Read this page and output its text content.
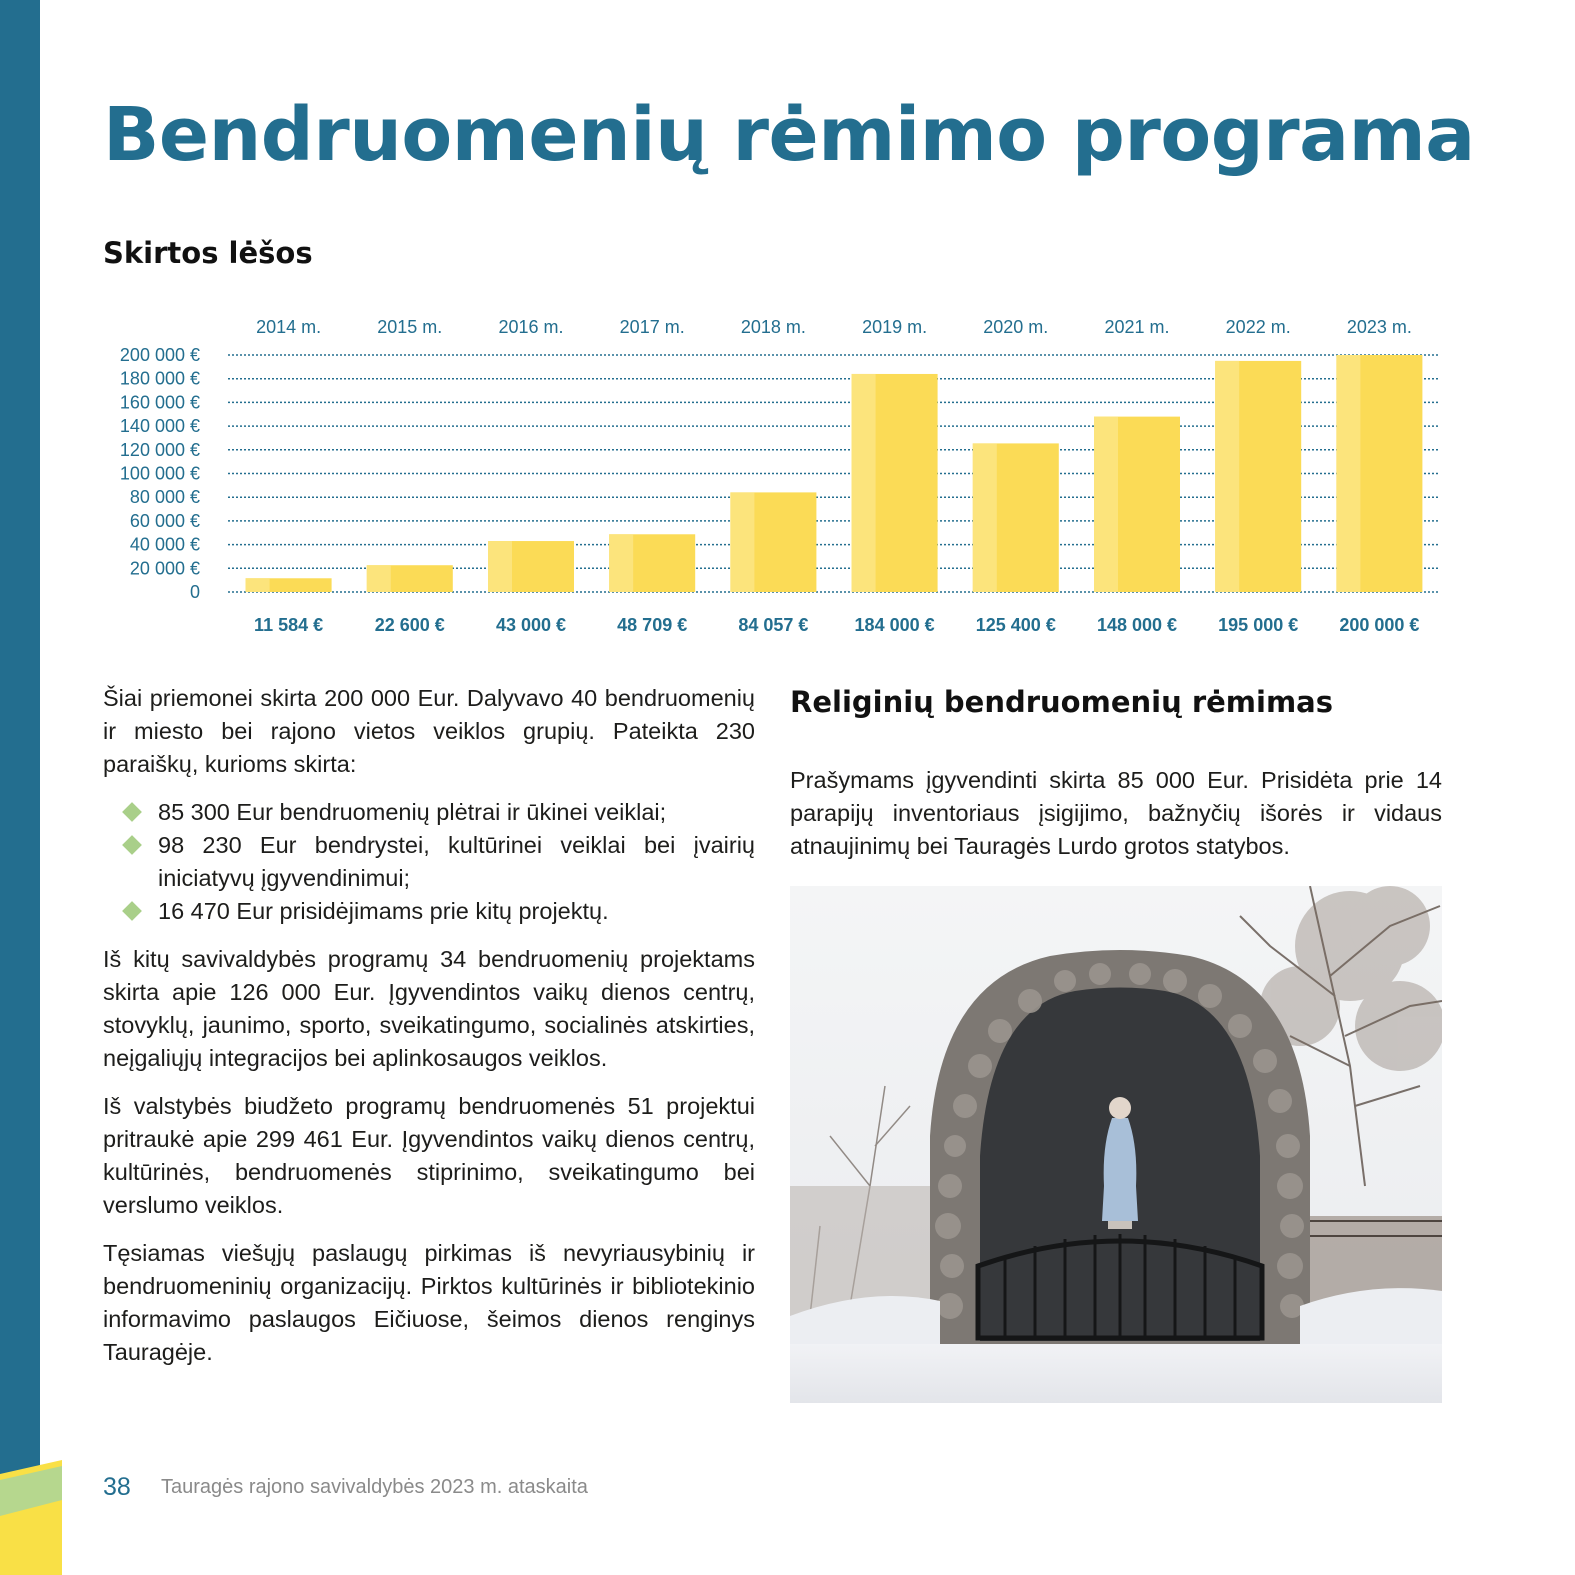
Bendruomenių rėmimo programa
Skirtos lėšos
0
20 000 €
40 000 €
60 000 €
80 000 €
100 000 €
120 000 €
140 000 €
160 000 €
180 000 €
200 000 €
2014 m.
11 584 €
2015 m.
22 600 €
2016 m.
43 000 €
2017 m.
48 709 €
2018 m.
84 057 €
2019 m.
184 000 €
2020 m.
125 400 €
2021 m.
148 000 €
2022 m.
195 000 €
2023 m.
200 000 €

Šiai priemonei skirta 200 000 Eur. Dalyvavo 40 bendruomenių ir miesto bei rajono vietos veiklos grupių. Pateikta 230 paraiškų, kurioms skirta:

85 300 Eur bendruomenių plėtrai ir ūkinei veiklai;
98 230 Eur bendrystei, kultūrinei veiklai bei įvairių iniciatyvų įgyvendinimui;
16 470 Eur prisidėjimams prie kitų projektų.

Iš kitų savivaldybės programų 34 bendruomenių projektams skirta apie 126 000 Eur. Įgyvendintos vaikų dienos centrų, stovyklų, jaunimo, sporto, sveikatingumo, socialinės atskirties, neįgaliųjų integracijos bei aplinkosaugos veiklos.

Iš valstybės biudžeto programų bendruomenės 51 projektui pritraukė apie 299 461 Eur. Įgyvendintos vaikų dienos centrų, kultūrinės, bendruomenės stiprinimo, sveikatingumo bei verslumo veiklos.

Tęsiamas viešųjų paslaugų pirkimas iš nevyriausybinių ir bendruomeninių organizacijų. Pirktos kultūrinės ir bibliotekinio informavimo paslaugos Eičiuose, šeimos dienos renginys Tauragėje.

Religinių bendruomenių rėmimas

Prašymams įgyvendinti skirta 85 000 Eur. Prisidėta prie 14 parapijų inventoriaus įsigijimo, bažnyčių išorės ir vidaus atnaujinimų bei Tauragės Lurdo grotos statybos.

38 Tauragės rajono savivaldybės 2023 m. ataskaita
